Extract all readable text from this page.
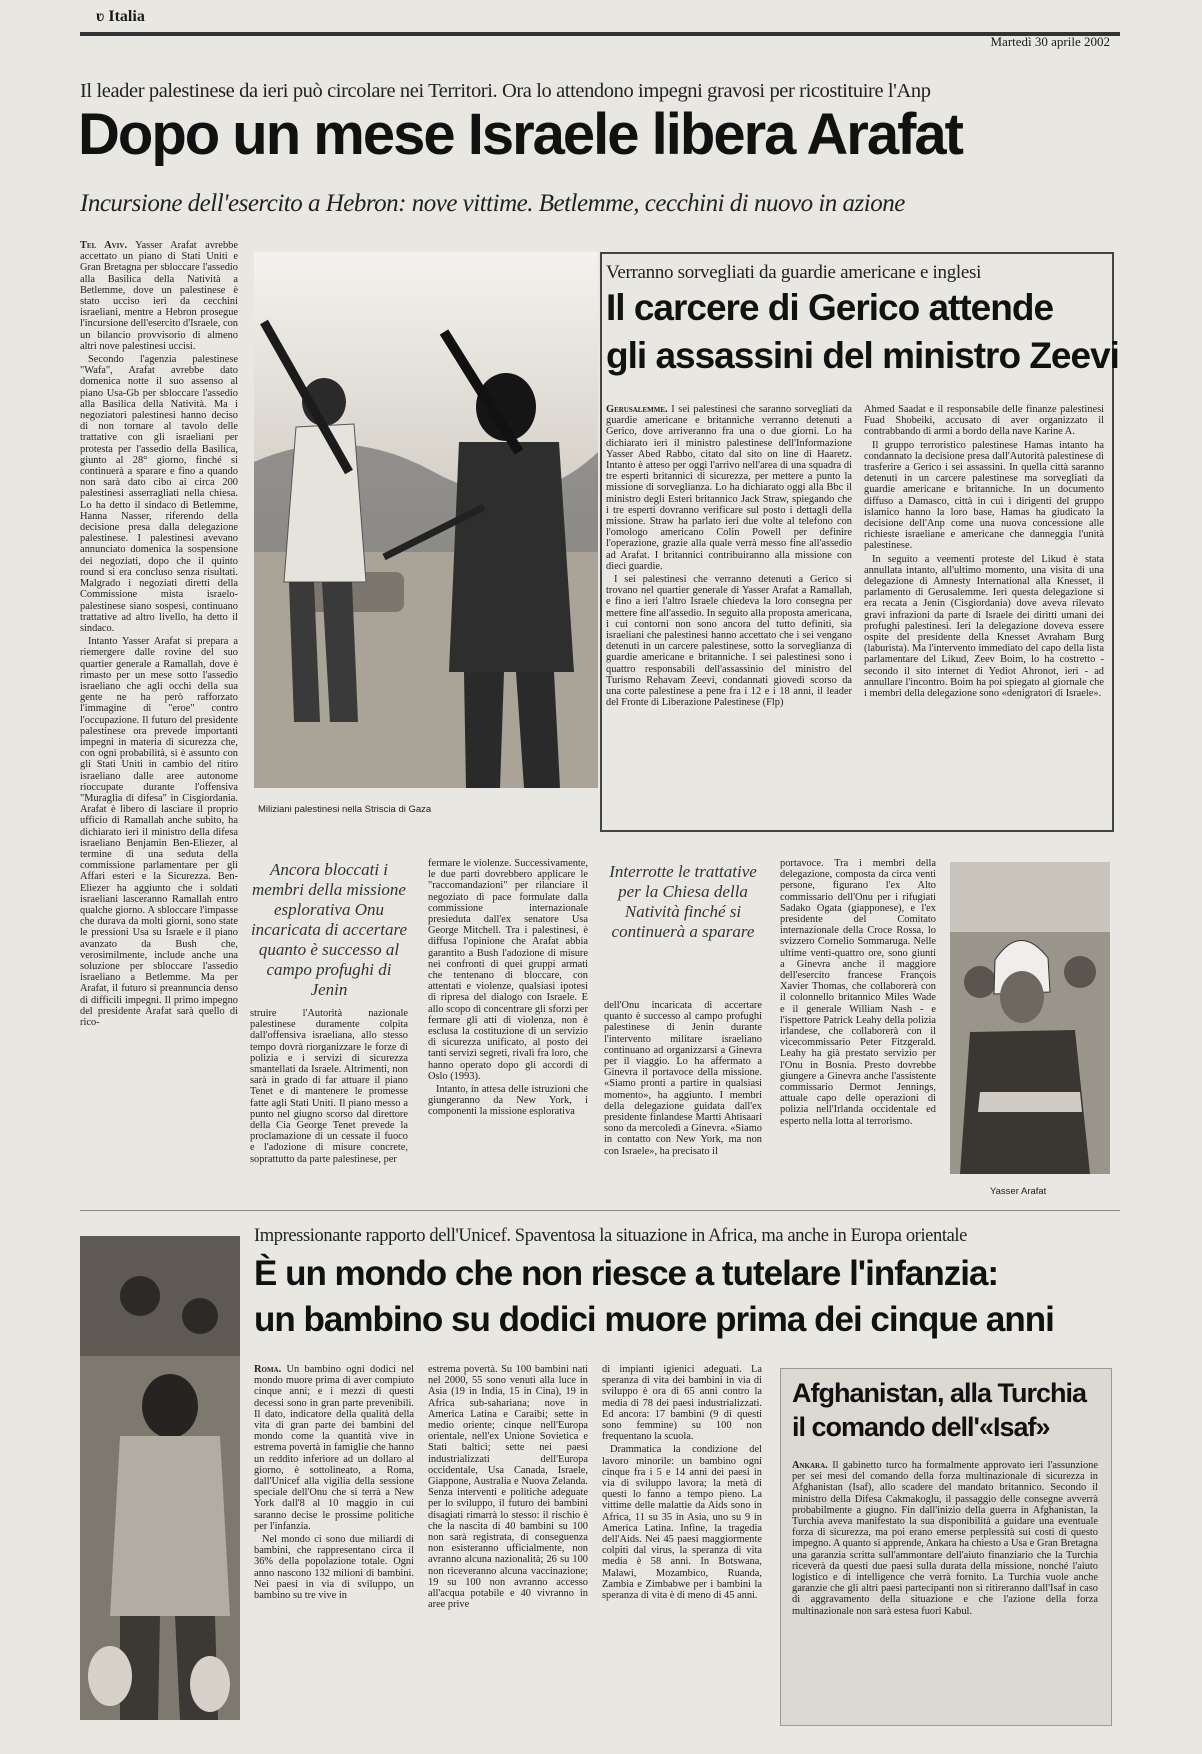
ʋ Italia
Martedì 30 aprile 2002
Il leader palestinese da ieri può circolare nei Territori. Ora lo attendono impegni gravosi per ricostituire l'Anp
Dopo un mese Israele libera Arafat
Incursione dell'esercito a Hebron: nove vittime. Betlemme, cecchini di nuovo in azione

Tel Aviv. Yasser Arafat avrebbe accettato un piano di Stati Uniti e Gran Bretagna per sbloccare l'assedio alla Basilica della Natività a Betlemme, dove un palestinese è stato ucciso ieri da cecchini israeliani, mentre a Hebron prosegue l'incursione dell'esercito d'Israele, con un bilancio provvisorio di almeno altri nove palestinesi uccisi.

Secondo l'agenzia palestinese "Wafa", Arafat avrebbe dato domenica notte il suo assenso al piano Usa-Gb per sbloccare l'assedio alla Basilica della Natività. Ma i negoziatori palestinesi hanno deciso di non tornare al tavolo delle trattative con gli israeliani per protesta per l'assedio della Basilica, giunto al 28° giorno, finché si continuerà a sparare e fino a quando non sarà dato cibo ai circa 200 palestinesi asserragliati nella chiesa. Lo ha detto il sindaco di Betlemme, Hanna Nasser, riferendo della decisione presa dalla delegazione palestinese. I palestinesi avevano annunciato domenica la sospensione dei negoziati, dopo che il quinto round si era concluso senza risultati. Malgrado i negoziati diretti della Commissione mista israelo-palestinese siano sospesi, continuano trattative ad altro livello, ha detto il sindaco.

Intanto Yasser Arafat si prepara a riemergere dalle rovine del suo quartier generale a Ramallah, dove è rimasto per un mese sotto l'assedio israeliano che agli occhi della sua gente ne ha però rafforzato l'immagine di "eroe" contro l'occupazione. Il futuro del presidente palestinese ora prevede importanti impegni in materia di sicurezza che, con ogni probabilità, si è assunto con gli Stati Uniti in cambio del ritiro israeliano dalle aree autonome rioccupate durante l'offensiva "Muraglia di difesa" in Cisgiordania. Arafat è libero di lasciare il proprio ufficio di Ramallah anche subito, ha dichiarato ieri il ministro della difesa israeliano Benjamin Ben-Eliezer, al termine di una seduta della commissione parlamentare per gli Affari esteri e la Sicurezza. Ben-Eliezer ha aggiunto che i soldati israeliani lasceranno Ramallah entro qualche giorno. A sbloccare l'impasse che durava da molti giorni, sono state le pressioni Usa su Israele e il piano avanzato da Bush che, verosimilmente, include anche una soluzione per sbloccare l'assedio israeliano a Betlemme. Ma per Arafat, il futuro si preannuncia denso di difficili impegni. Il primo impegno del presidente Arafat sarà quello di rico-

Miliziani palestinesi nella Striscia di Gaza
Verranno sorvegliati da guardie americane e inglesi
Il carcere di Gerico attende
gli assassini del ministro Zeevi

Gerusalemme. I sei palestinesi che saranno sorvegliati da guardie americane e britanniche verranno detenuti a Gerico, dove arriveranno fra una o due giorni. Lo ha dichiarato ieri il ministro palestinese dell'Informazione Yasser Abed Rabbo, citato dal sito on line di Haaretz. Intanto è atteso per oggi l'arrivo nell'area di una squadra di tre esperti britannici di sicurezza, per mettere a punto la missione di sorveglianza. Lo ha dichiarato oggi alla Bbc il ministro degli Esteri britannico Jack Straw, spiegando che i tre esperti dovranno verificare sul posto i dettagli della missione. Straw ha parlato ieri due volte al telefono con l'omologo americano Colin Powell per definire l'operazione, grazie alla quale verrà messo fine all'assedio ad Arafat. I britannici contribuiranno alla missione con dieci guardie.

I sei palestinesi che verranno detenuti a Gerico si trovano nel quartier generale di Yasser Arafat a Ramallah, e fino a ieri l'altro Israele chiedeva la loro consegna per mettere fine all'assedio. In seguito alla proposta americana, i cui contorni non sono ancora del tutto definiti, sia israeliani che palestinesi hanno accettato che i sei vengano detenuti in un carcere palestinese, sotto la sorveglianza di guardie americane e britanniche. I sei palestinesi sono i quattro responsabili dell'assassinio del ministro del Turismo Rehavam Zeevi, condannati giovedì scorso da una corte palestinese a pene fra i 12 e i 18 anni, il leader del Fronte di Liberazione Palestinese (Flp)

Ahmed Saadat e il responsabile delle finanze palestinesi Fuad Shobeiki, accusato di aver organizzato il contrabbando di armi a bordo della nave Karine A.

Il gruppo terroristico palestinese Hamas intanto ha condannato la decisione presa dall'Autorità palestinese di trasferire a Gerico i sei assassini. In quella città saranno detenuti in un carcere palestinese ma sorvegliati da guardie americane e britanniche. In un documento diffuso a Damasco, città in cui i dirigenti del gruppo islamico hanno la loro base, Hamas ha giudicato la decisione dell'Anp come una nuova concessione alle richieste israeliane e americane che danneggia l'unità palestinese.

In seguito a veementi proteste del Likud è stata annullata intanto, all'ultimo momento, una visita di una delegazione di Amnesty International alla Knesset, il parlamento di Gerusalemme. Ieri questa delegazione si era recata a Jenin (Cisgiordania) dove aveva rilevato gravi infrazioni da parte di Israele dei diritti umani dei profughi palestinesi. Ieri la delegazione doveva essere ospite del presidente della Knesset Avraham Burg (laburista). Ma l'intervento immediato del capo della lista parlamentare del Likud, Zeev Boim, lo ha costretto - secondo il sito internet di Yediot Ahronot, ieri - ad annullare l'incontro. Boim ha poi spiegato al giornale che i membri della delegazione sono «denigratori di Israele».

Ancora bloccati i membri della missione esplorativa Onu incaricata di accertare quanto è successo al campo profughi di Jenin

struire l'Autorità nazionale palestinese duramente colpita dall'offensiva israeliana, allo stesso tempo dovrà riorganizzare le forze di polizia e i servizi di sicurezza smantellati da Israele. Altrimenti, non sarà in grado di far attuare il piano Tenet e di mantenere le promesse fatte agli Stati Uniti. Il piano messo a punto nel giugno scorso dal direttore della Cia George Tenet prevede la proclamazione di un cessate il fuoco e l'adozione di misure concrete, soprattutto da parte palestinese, per

fermare le violenze. Successivamente, le due parti dovrebbero applicare le "raccomandazioni" per rilanciare il negoziato di pace formulate dalla commissione internazionale presieduta dall'ex senatore Usa George Mitchell. Tra i palestinesi, è diffusa l'opinione che Arafat abbia garantito a Bush l'adozione di misure nei confronti di quei gruppi armati che tentenano di bloccare, con attentati e violenze, qualsiasi ipotesi di ripresa del dialogo con Israele. E allo scopo di concentrare gli sforzi per fermare gli atti di violenza, non è esclusa la costituzione di un servizio di sicurezza unificato, al posto dei tanti servizi segreti, rivali fra loro, che hanno operato dopo gli accordi di Oslo (1993).

Intanto, in attesa delle istruzioni che giungeranno da New York, i componenti la missione esplorativa

Interrotte le trattative per la Chiesa della Natività finché si continuerà a sparare

dell'Onu incaricata di accertare quanto è successo al campo profughi palestinese di Jenin durante l'intervento militare israeliano continuano ad organizzarsi a Ginevra per il viaggio. Lo ha affermato a Ginevra il portavoce della missione. «Siamo pronti a partire in qualsiasi momento», ha aggiunto. I membri della delegazione guidata dall'ex presidente finlandese Martti Ahtisaari sono da mercoledì a Ginevra. «Siamo in contatto con New York, ma non con Israele», ha precisato il

portavoce. Tra i membri della delegazione, composta da circa venti persone, figurano l'ex Alto commissario dell'Onu per i rifugiati Sadako Ogata (giapponese), e l'ex presidente del Comitato internazionale della Croce Rossa, lo svizzero Cornelio Sommaruga. Nelle ultime venti-quattro ore, sono giunti a Ginevra anche il maggiore dell'esercito francese François Xavier Thomas, che collaborerà con il colonnello britannico Miles Wade e il generale William Nash - e l'ispettore Patrick Leahy della polizia irlandese, che collaborerà con il vicecommissario Peter Fitzgerald. Leahy ha già prestato servizio per l'Onu in Bosnia. Presto dovrebbe giungere a Ginevra anche l'assistente commissario Dermot Jennings, attuale capo delle operazioni di polizia nell'Irlanda occidentale ed esperto nella lotta al terrorismo.

Yasser Arafat
Impressionante rapporto dell'Unicef. Spaventosa la situazione in Africa, ma anche in Europa orientale
È un mondo che non riesce a tutelare l'infanzia:
un bambino su dodici muore prima dei cinque anni

Roma. Un bambino ogni dodici nel mondo muore prima di aver compiuto cinque anni; e i mezzi di questi decessi sono in gran parte prevenibili. Il dato, indicatore della qualità della vita di gran parte dei bambini del mondo come la quantità vive in estrema povertà in famiglie che hanno un reddito inferiore ad un dollaro al giorno, è sottolineato, a Roma, dall'Unicef alla vigilia della sessione speciale dell'Onu che si terrà a New York dall'8 al 10 maggio in cui saranno decise le prossime politiche per l'infanzia.

Nel mondo ci sono due miliardi di bambini, che rappresentano circa il 36% della popolazione totale. Ogni anno nascono 132 milioni di bambini. Nei paesi in via di sviluppo, un bambino su tre vive in

estrema povertà. Su 100 bambini nati nel 2000, 55 sono venuti alla luce in Asia (19 in India, 15 in Cina), 19 in Africa sub-sahariana; nove in America Latina e Caraibi; sette in medio oriente; cinque nell'Europa orientale, nell'ex Unione Sovietica e Stati baltici; sette nei paesi industrializzati dell'Europa occidentale, Usa Canada, Israele, Giappone, Australia e Nuova Zelanda. Senza interventi e politiche adeguate per lo sviluppo, il futuro dei bambini disagiati rimarrà lo stesso: il rischio è che la nascita di 40 bambini su 100 non sarà registrata, di conseguenza non esisteranno ufficialmente, non avranno alcuna nazionalità; 26 su 100 non riceveranno alcuna vaccinazione; 19 su 100 non avranno accesso all'acqua potabile e 40 vivranno in aree prive

di impianti igienici adeguati. La speranza di vita dei bambini in via di sviluppo è ora di 65 anni contro la media di 78 dei paesi industrializzati. Ed ancora: 17 bambini (9 di questi sono femmine) su 100 non frequentano la scuola.

Drammatica la condizione del lavoro minorile: un bambino ogni cinque fra i 5 e 14 anni dei paesi in via di sviluppo lavora; la metà di questi lo fanno a tempo pieno. La vittime delle malattie da Aids sono in Africa, 11 su 35 in Asia, uno su 9 in America Latina. Infine, la tragedia dell'Aids. Nei 45 paesi maggiormente colpiti dal virus, la speranza di vita media è 58 anni. In Botswana, Malawi, Mozambico, Ruanda, Zambia e Zimbabwe per i bambini la speranza di vita è di meno di 45 anni.

Afghanistan, alla Turchia
il comando dell'«Isaf»

Ankara. Il gabinetto turco ha formalmente approvato ieri l'assunzione per sei mesi del comando della forza multinazionale di sicurezza in Afghanistan (Isaf), allo scadere del mandato britannico. Secondo il ministro della Difesa Cakmakoglu, il passaggio delle consegne avverrà probabilmente a giugno. Fin dall'inizio della guerra in Afghanistan, la Turchia aveva manifestato la sua disponibilità a guidare una eventuale forza di sicurezza, ma poi erano emerse perplessità sui costi di questo impegno. A quanto si apprende, Ankara ha chiesto a Usa e Gran Bretagna una garanzia scritta sull'ammontare dell'aiuto finanziario che la Turchia riceverà da questi due paesi sulla durata della missione, nonché l'aiuto logistico e di intelligence che verrà fornito. La Turchia vuole anche garanzie che gli altri paesi partecipanti non si ritireranno dall'Isaf in caso di aggravamento della situazione e che l'azione della forza multinazionale non sarà estesa fuori Kabul.
